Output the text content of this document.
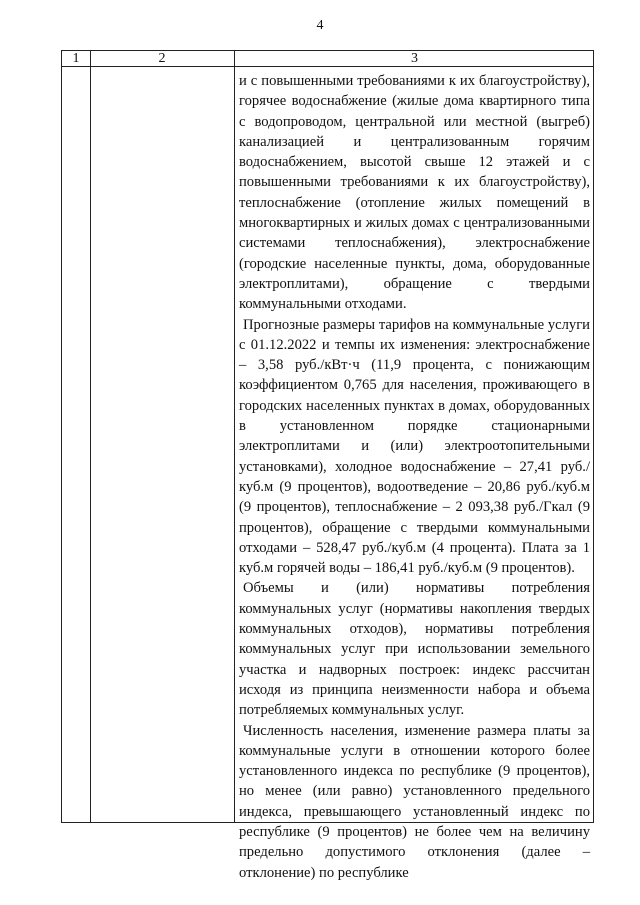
4
1	2	3

и с повышенными требованиями к их благоустройству), горячее водоснабжение (жилые дома квартирного типа с водопроводом, центральной или местной (выгреб) канализацией и централизованным горячим водоснабжением, высотой свыше 12 этажей и с повышенными требованиями к их благоустройству), теплоснабжение (отопление жилых помещений в многоквартирных и жилых домах с централизованными системами теплоснабжения), электроснабжение (городские населенные пункты, дома, оборудованные электроплитами), обращение с твердыми коммунальными отходами.

Прогнозные размеры тарифов на коммунальные услуги с 01.12.2022 и темпы их изменения: электроснабжение – 3,58 руб./кВт·ч (11,9 процента, с понижающим коэффициентом 0,765 для населения, проживающего в городских населенных пунктах в домах, оборудованных в установленном порядке стационарными электроплитами и (или) электроотопительными установками), холодное водоснабжение – 27,41 руб./куб.м (9 процентов), водоотведение – 20,86 руб./куб.м (9 процентов), теплоснабжение – 2 093,38 руб./Гкал (9 процентов), обращение с твердыми коммунальными отходами – 528,47 руб./куб.м (4 процента). Плата за 1 куб.м горячей воды – 186,41 руб./куб.м (9 процентов).

Объемы и (или) нормативы потребления коммунальных услуг (нормативы накопления твердых коммунальных отходов), нормативы потребления коммунальных услуг при использовании земельного участка и надворных построек: индекс рассчитан исходя из принципа неизменности набора и объема потребляемых коммунальных услуг.

Численность населения, изменение размера платы за коммунальные услуги в отношении которого более установленного индекса по республике (9 процентов), но менее (или равно) установленного предельного индекса, превышающего установленный индекс по республике (9 процентов) не более чем на величину предельно допустимого отклонения (далее – отклонение) по республике
